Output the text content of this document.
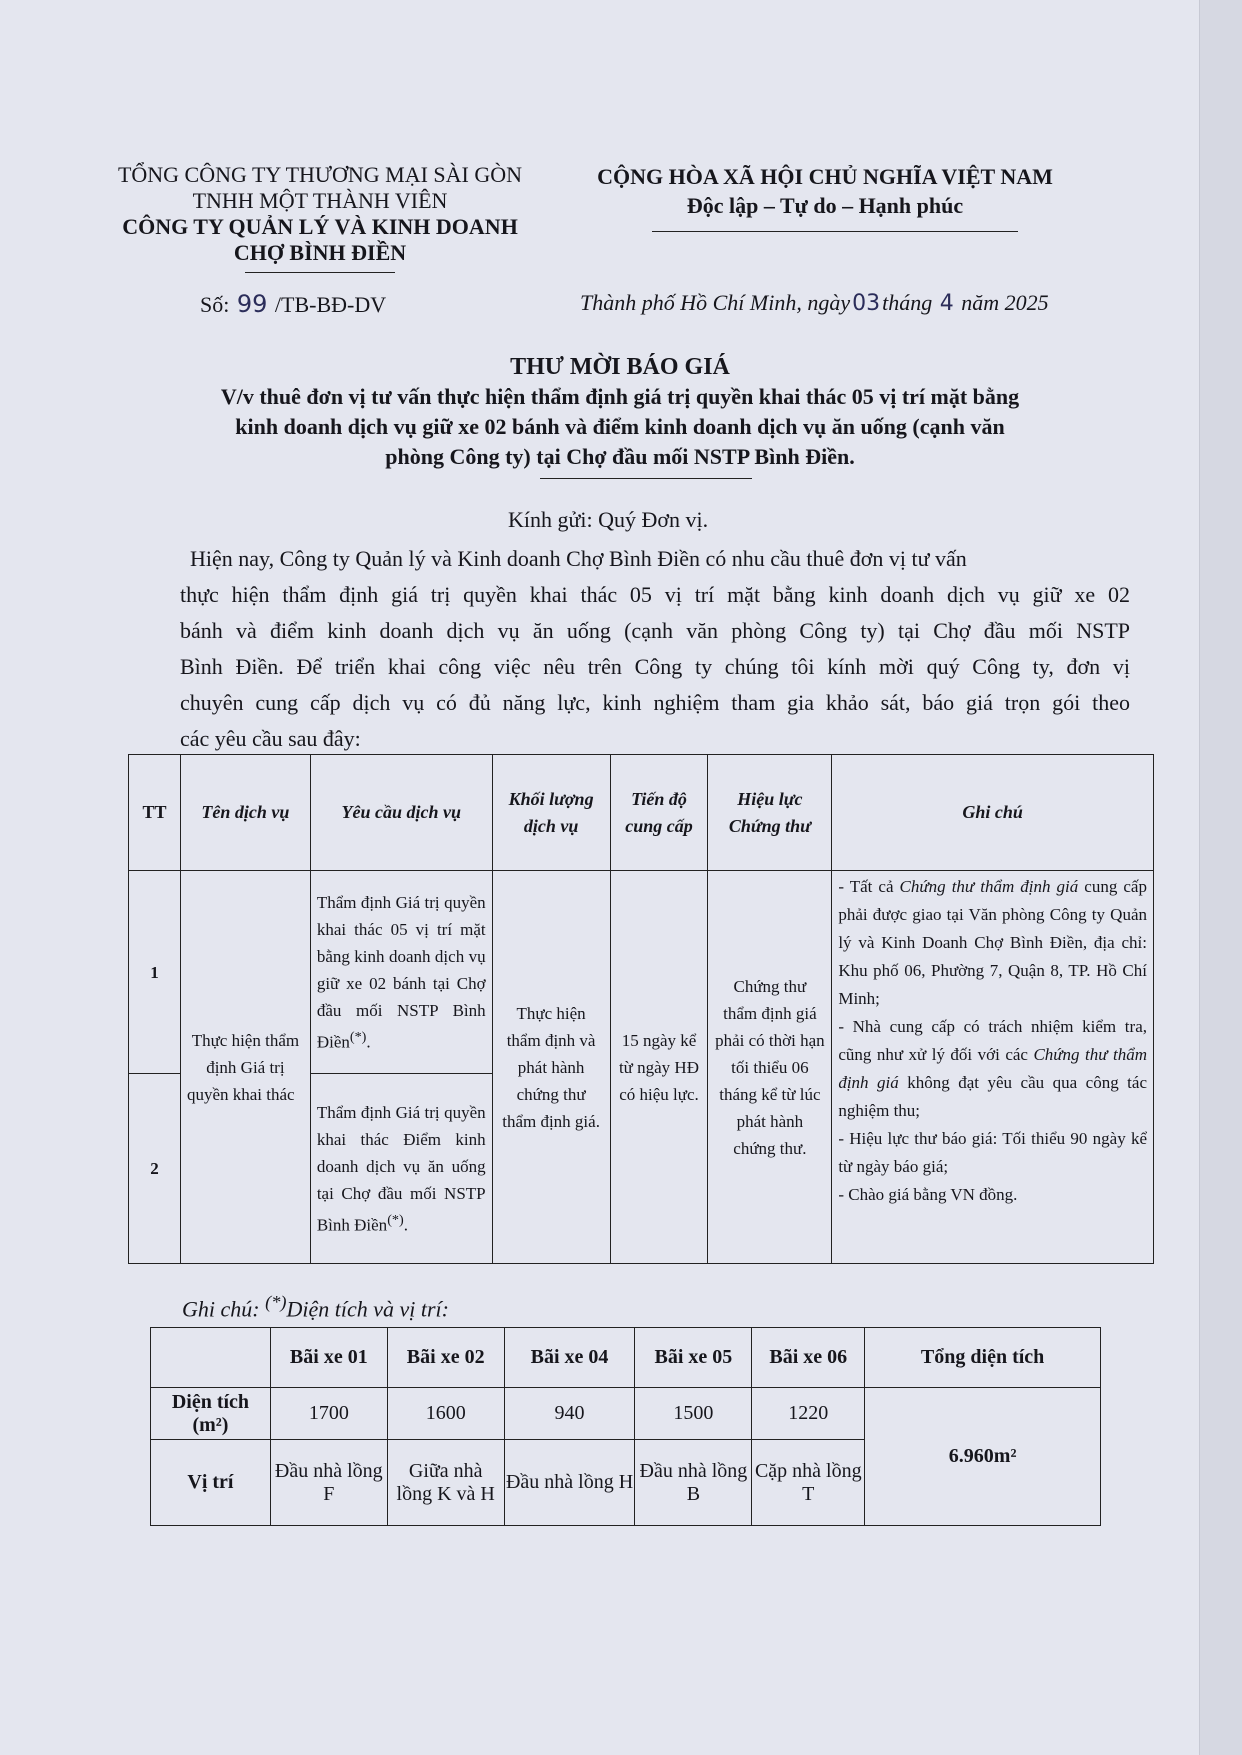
TỔNG CÔNG TY THƯƠNG MẠI SÀI GÒN
TNHH MỘT THÀNH VIÊN
CÔNG TY QUẢN LÝ VÀ KINH DOANH
CHỢ BÌNH ĐIỀN
CỘNG HÒA XÃ HỘI CHỦ NGHĨA VIỆT NAM
Độc lập – Tự do – Hạnh phúc
Số: 99 /TB-BĐ-DV	Thành phố Hồ Chí Minh, ngày03tháng 4 năm 2025
THƯ MỜI BÁO GIÁ
V/v thuê đơn vị tư vấn thực hiện thẩm định giá trị quyền khai thác 05 vị trí mặt bằng
kinh doanh dịch vụ giữ xe 02 bánh và điểm kinh doanh dịch vụ ăn uống (cạnh văn
phòng Công ty) tại Chợ đầu mối NSTP Bình Điền.
Kính gửi: Quý Đơn vị.
Hiện nay, Công ty Quản lý và Kinh doanh Chợ Bình Điền có nhu cầu thuê đơn vị tư vấn
thực hiện thẩm định giá trị quyền khai thác 05 vị trí mặt bằng kinh doanh dịch vụ giữ xe 02
bánh và điểm kinh doanh dịch vụ ăn uống (cạnh văn phòng Công ty) tại Chợ đầu mối NSTP
Bình Điền. Để triển khai công việc nêu trên Công ty chúng tôi kính mời quý Công ty, đơn vị
chuyên cung cấp dịch vụ có đủ năng lực, kinh nghiệm tham gia khảo sát, báo giá trọn gói theo
các yêu cầu sau đây:
TT	Tên dịch vụ	Yêu cầu dịch vụ	Khối lượng dịch vụ	Tiến độ cung cấp	Hiệu lực Chứng thư	Ghi chú
1	Thực hiện thẩm định Giá trị quyền khai thác	Thẩm định Giá trị quyền khai thác 05 vị trí mặt bằng kinh doanh dịch vụ giữ xe 02 bánh tại Chợ đầu mối NSTP Bình Điền(*).	Thực hiện thẩm định và phát hành chứng thư thẩm định giá.	15 ngày kể từ ngày HĐ có hiệu lực.	Chứng thư thẩm định giá phải có thời hạn tối thiểu 06 tháng kể từ lúc phát hành chứng thư.	- Tất cả Chứng thư thẩm định giá cung cấp phải được giao tại Văn phòng Công ty Quản lý và Kinh Doanh Chợ Bình Điền, địa chỉ: Khu phố 06, Phường 7, Quận 8, TP. Hồ Chí Minh;
- Nhà cung cấp có trách nhiệm kiểm tra, cũng như xử lý đối với các Chứng thư thẩm định giá không đạt yêu cầu qua công tác nghiệm thu;
- Hiệu lực thư báo giá: Tối thiểu 90 ngày kể từ ngày báo giá;
- Chào giá bằng VN đồng.

2		Thẩm định Giá trị quyền khai thác Điểm kinh doanh dịch vụ ăn uống tại Chợ đầu mối NSTP Bình Điền(*).				
Ghi chú: (*)Diện tích và vị trí:
	Bãi xe 01	Bãi xe 02	Bãi xe 04	Bãi xe 05	Bãi xe 06	Tổng diện tích

Diện tích
(m²)	1700	1600	940	1500	1220	6.960m²
Vị trí	Đầu nhà lồng F	Giữa nhà lồng K và H	Đầu nhà lồng H	Đầu nhà lồng B	Cặp nhà lồng T	
